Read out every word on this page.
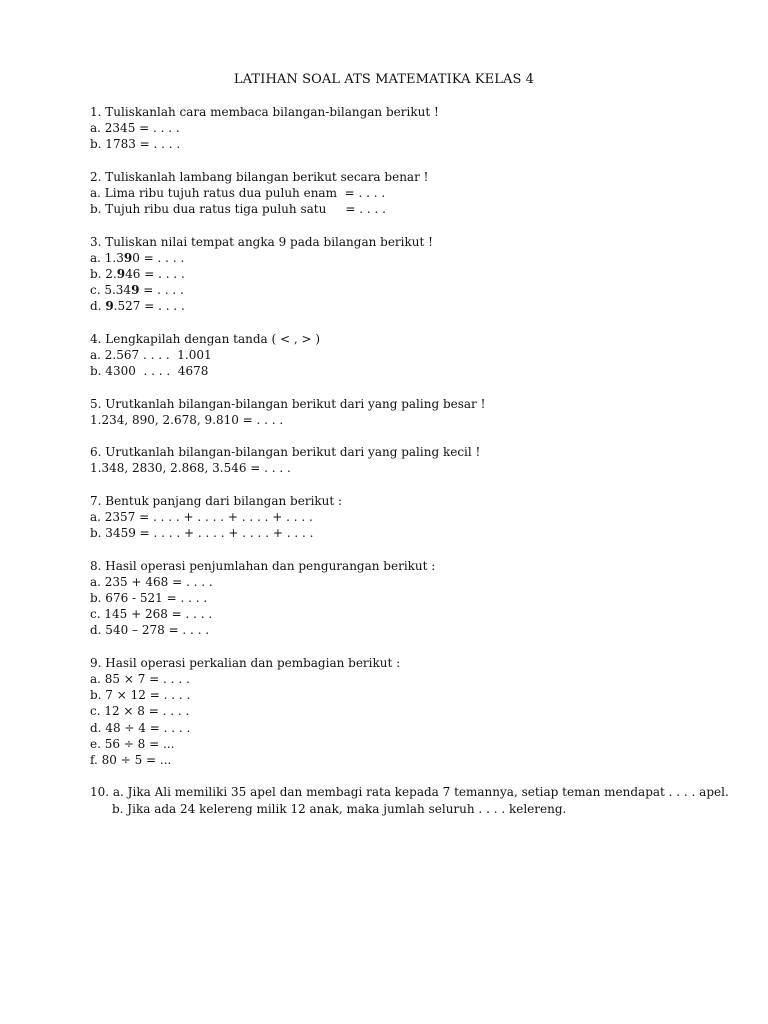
LATIHAN SOAL ATS MATEMATIKA KELAS 4
1. Tuliskanlah cara membaca bilangan-bilangan berikut !
a. 2345 = . . . .
b. 1783 = . . . .
2. Tuliskanlah lambang bilangan berikut secara benar !
a. Lima ribu tujuh ratus dua puluh enam  = . . . .
b. Tujuh ribu dua ratus tiga puluh satu     = . . . .
3. Tuliskan nilai tempat angka 9 pada bilangan berikut !
a. 1.390 = . . . .
b. 2.946 = . . . .
c. 5.349 = . . . .
d. 9.527 = . . . .
4. Lengkapilah dengan tanda ( < , > )
a. 2.567 . . . .  1.001
b. 4300  . . . .  4678
5. Urutkanlah bilangan-bilangan berikut dari yang paling besar !
1.234, 890, 2.678, 9.810 = . . . .
6. Urutkanlah bilangan-bilangan berikut dari yang paling kecil !
1.348, 2830, 2.868, 3.546 = . . . .
7. Bentuk panjang dari bilangan berikut :
a. 2357 = . . . . + . . . . + . . . . + . . . .
b. 3459 = . . . . + . . . . + . . . . + . . . .
8. Hasil operasi penjumlahan dan pengurangan berikut :
a. 235 + 468 = . . . .
b. 676 - 521 = . . . .
c. 145 + 268 = . . . .
d. 540 – 278 = . . . .
9. Hasil operasi perkalian dan pembagian berikut :
a. 85 × 7 = . . . .
b. 7 × 12 = . . . .
c. 12 × 8 = . . . .
d. 48 ÷ 4 = . . . .
e. 56 ÷ 8 = ...
f. 80 ÷ 5 = ...
10. a. Jika Ali memiliki 35 apel dan membagi rata kepada 7 temannya, setiap teman mendapat . . . . apel.
b. Jika ada 24 kelereng milik 12 anak, maka jumlah seluruh . . . . kelereng.
